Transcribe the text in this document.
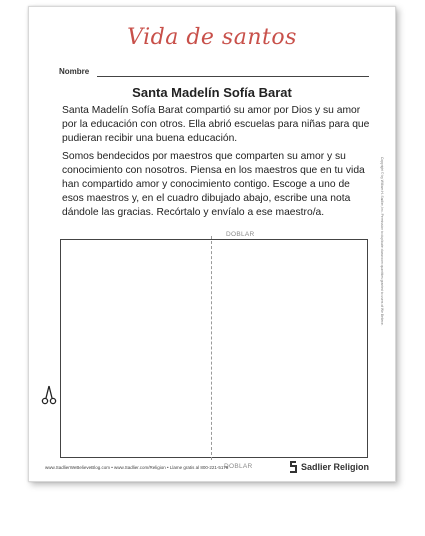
Vida de santos
Nombre
Santa Madelín Sofía Barat
Santa Madelín Sofía Barat compartió su amor por Dios y su amor por la educación con otros. Ella abrió escuelas para niñas para que pudieran recibir una buena educación.
Somos bendecidos por maestros que comparten su amor y su conocimiento con nosotros. Piensa en los maestros que en tu vida han compartido amor y conocimiento contigo. Escoge a uno de esos maestros y, en el cuadro dibujado abajo, escribe una nota dándole las gracias. Recórtalo y envíalo a ese maestro/a.
DOBLAR
DOBLAR
www.SadlierWeBelieveBlog.com • www.Sadlier.com/Religion • Llame gratis al 800-221-5175	Sadlier Religion
Copyright © by William H. Sadlier, Inc. Permission to duplicate classroom quantities granted to users of We Believe.
